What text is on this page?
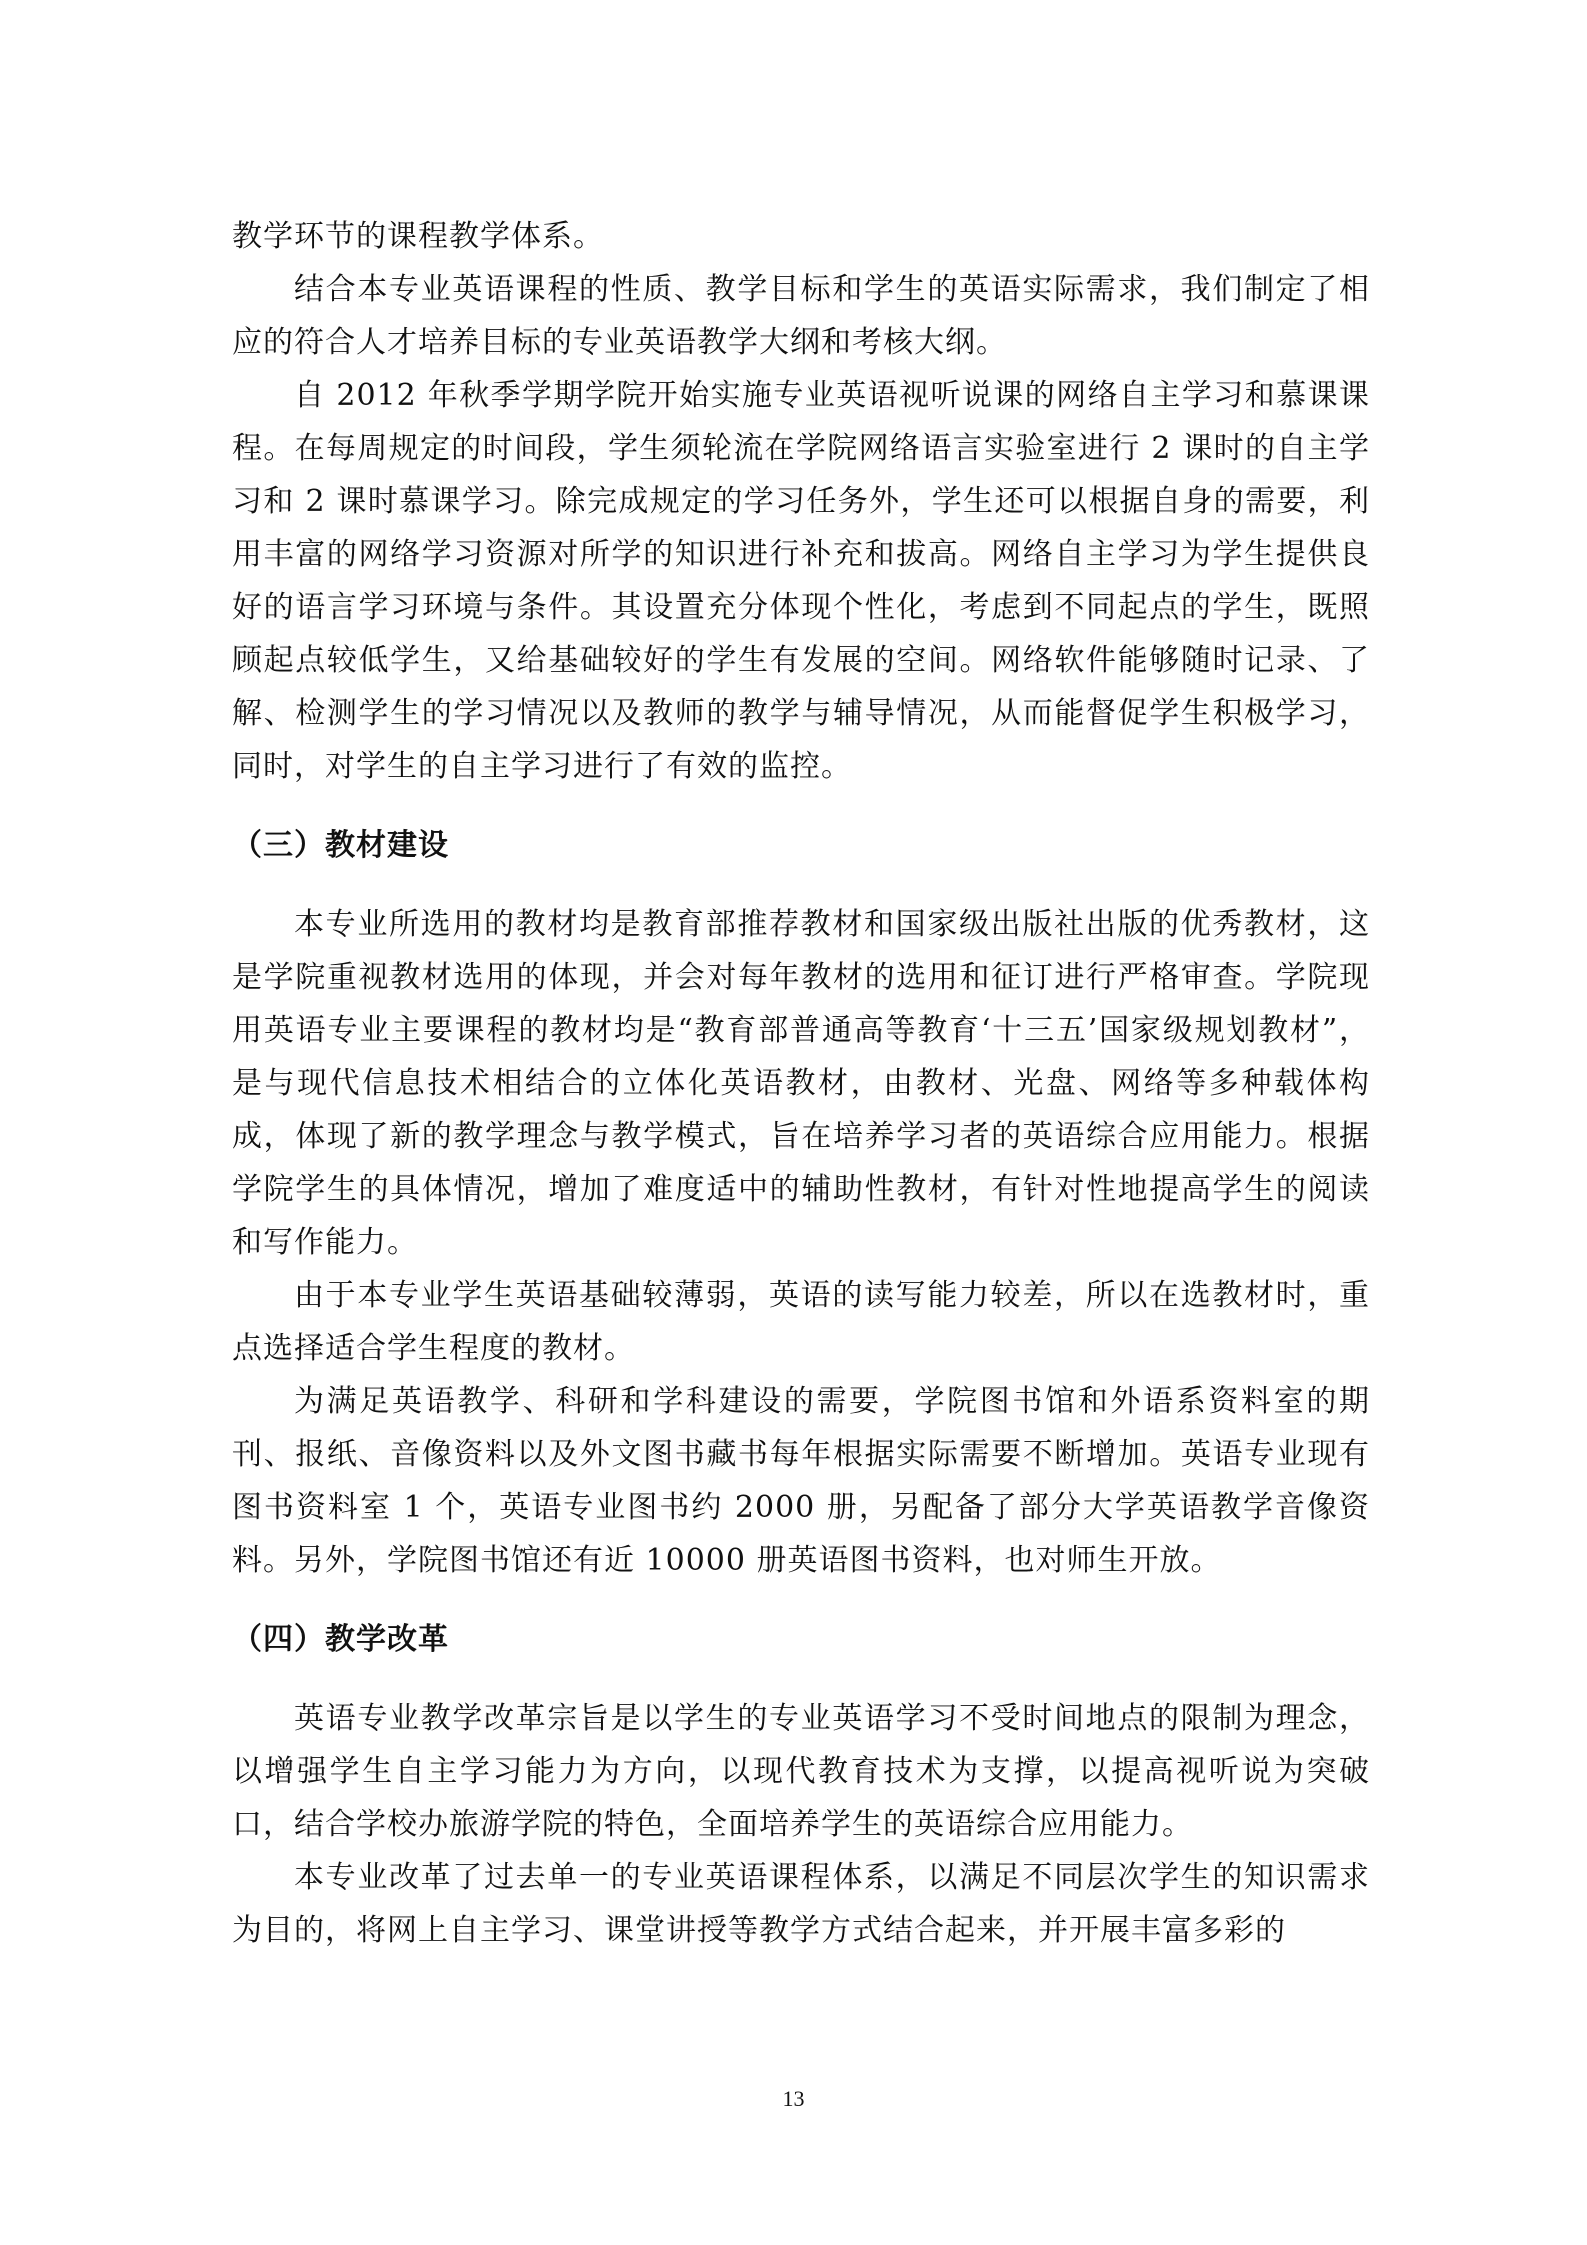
教学环节的课程教学体系。

结合本专业英语课程的性质、教学目标和学生的英语实际需求，我们制定了相应的符合人才培养目标的专业英语教学大纲和考核大纲。

自 2012 年秋季学期学院开始实施专业英语视听说课的网络自主学习和慕课课程。在每周规定的时间段，学生须轮流在学院网络语言实验室进行 2 课时的自主学习和 2 课时慕课学习。除完成规定的学习任务外，学生还可以根据自身的需要，利用丰富的网络学习资源对所学的知识进行补充和拔高。网络自主学习为学生提供良好的语言学习环境与条件。其设置充分体现个性化，考虑到不同起点的学生，既照顾起点较低学生，又给基础较好的学生有发展的空间。网络软件能够随时记录、了解、检测学生的学习情况以及教师的教学与辅导情况，从而能督促学生积极学习，同时，对学生的自主学习进行了有效的监控。

（三）教材建设

本专业所选用的教材均是教育部推荐教材和国家级出版社出版的优秀教材，这是学院重视教材选用的体现，并会对每年教材的选用和征订进行严格审查。学院现用英语专业主要课程的教材均是“教育部普通高等教育‘十三五’国家级规划教材”，是与现代信息技术相结合的立体化英语教材，由教材、光盘、网络等多种载体构成，体现了新的教学理念与教学模式，旨在培养学习者的英语综合应用能力。根据学院学生的具体情况，增加了难度适中的辅助性教材，有针对性地提高学生的阅读和写作能力。

由于本专业学生英语基础较薄弱，英语的读写能力较差，所以在选教材时，重点选择适合学生程度的教材。

为满足英语教学、科研和学科建设的需要，学院图书馆和外语系资料室的期刊、报纸、音像资料以及外文图书藏书每年根据实际需要不断增加。英语专业现有图书资料室 1 个，英语专业图书约 2000 册，另配备了部分大学英语教学音像资料。另外，学院图书馆还有近 10000 册英语图书资料，也对师生开放。

（四）教学改革

英语专业教学改革宗旨是以学生的专业英语学习不受时间地点的限制为理念，以增强学生自主学习能力为方向，以现代教育技术为支撑，以提高视听说为突破口，结合学校办旅游学院的特色，全面培养学生的英语综合应用能力。

本专业改革了过去单一的专业英语课程体系，以满足不同层次学生的知识需求为目的，将网上自主学习、课堂讲授等教学方式结合起来，并开展丰富多彩的

13
